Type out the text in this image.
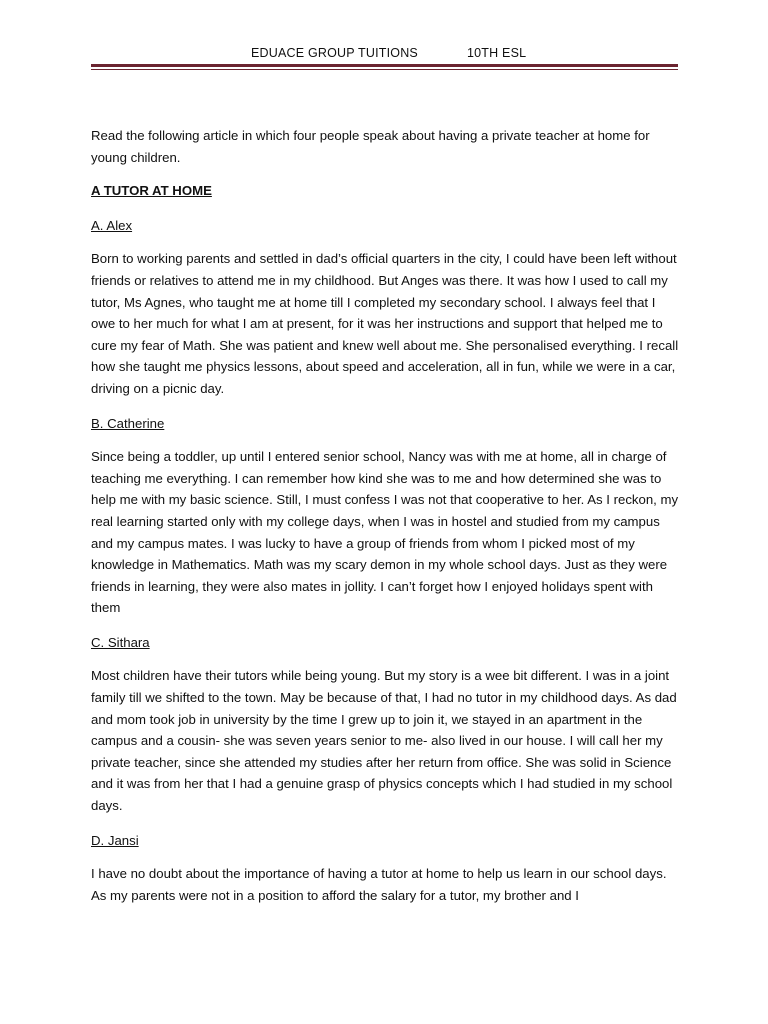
EDUACE GROUP TUITIONS	10TH ESL

Read the following article in which four people speak about having a private teacher at home for young children.

A TUTOR AT HOME

A. Alex

Born to working parents and settled in dad’s official quarters in the city, I could have been left without friends or relatives to attend me in my childhood. But Anges was there. It was how I used to call my tutor, Ms Agnes, who taught me at home till I completed my secondary school. I always feel that I owe to her much for what I am at present, for it was her instructions and support that helped me to cure my fear of Math. She was patient and knew well about me. She personalised everything. I recall how she taught me physics lessons, about speed and acceleration, all in fun, while we were in a car, driving on a picnic day.

B. Catherine

Since being a toddler, up until I entered senior school, Nancy was with me at home, all in charge of teaching me everything. I can remember how kind she was to me and how determined she was to help me with my basic science. Still, I must confess I was not that cooperative to her. As I reckon, my real learning started only with my college days, when I was in hostel and studied from my campus and my campus mates. I was lucky to have a group of friends from whom I picked most of my knowledge in Mathematics. Math was my scary demon in my whole school days. Just as they were friends in learning, they were also mates in jollity. I can’t forget how I enjoyed holidays spent with them

C. Sithara

Most children have their tutors while being young. But my story is a wee bit different. I was in a joint family till we shifted to the town. May be because of that, I had no tutor in my childhood days. As dad and mom took job in university by the time I grew up to join it, we stayed in an apartment in the campus and a cousin- she was seven years senior to me- also lived in our house. I will call her my private teacher, since she attended my studies after her return from office. She was solid in Science and it was from her that I had a genuine grasp of physics concepts which I had studied in my school days.

D. Jansi

I have no doubt about the importance of having a tutor at home to help us learn in our school days. As my parents were not in a position to afford the salary for a tutor, my brother and I
